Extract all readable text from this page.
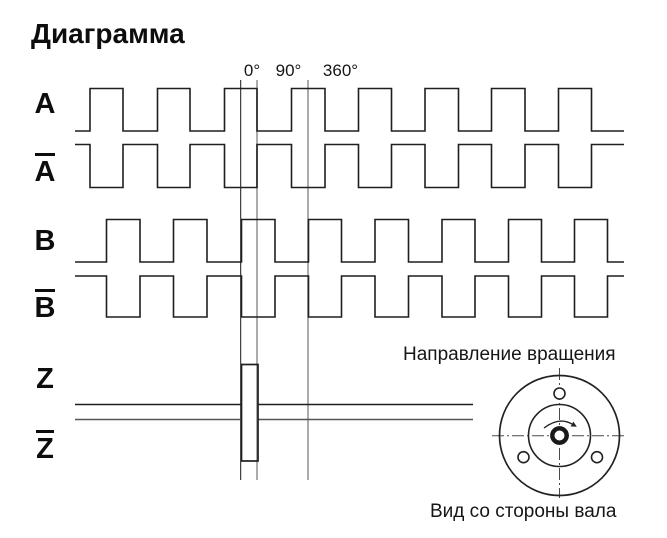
Диаграмма
0° 90° 360°
A
A
B
B
Z
Z
Направление вращения
Вид со стороны вала
